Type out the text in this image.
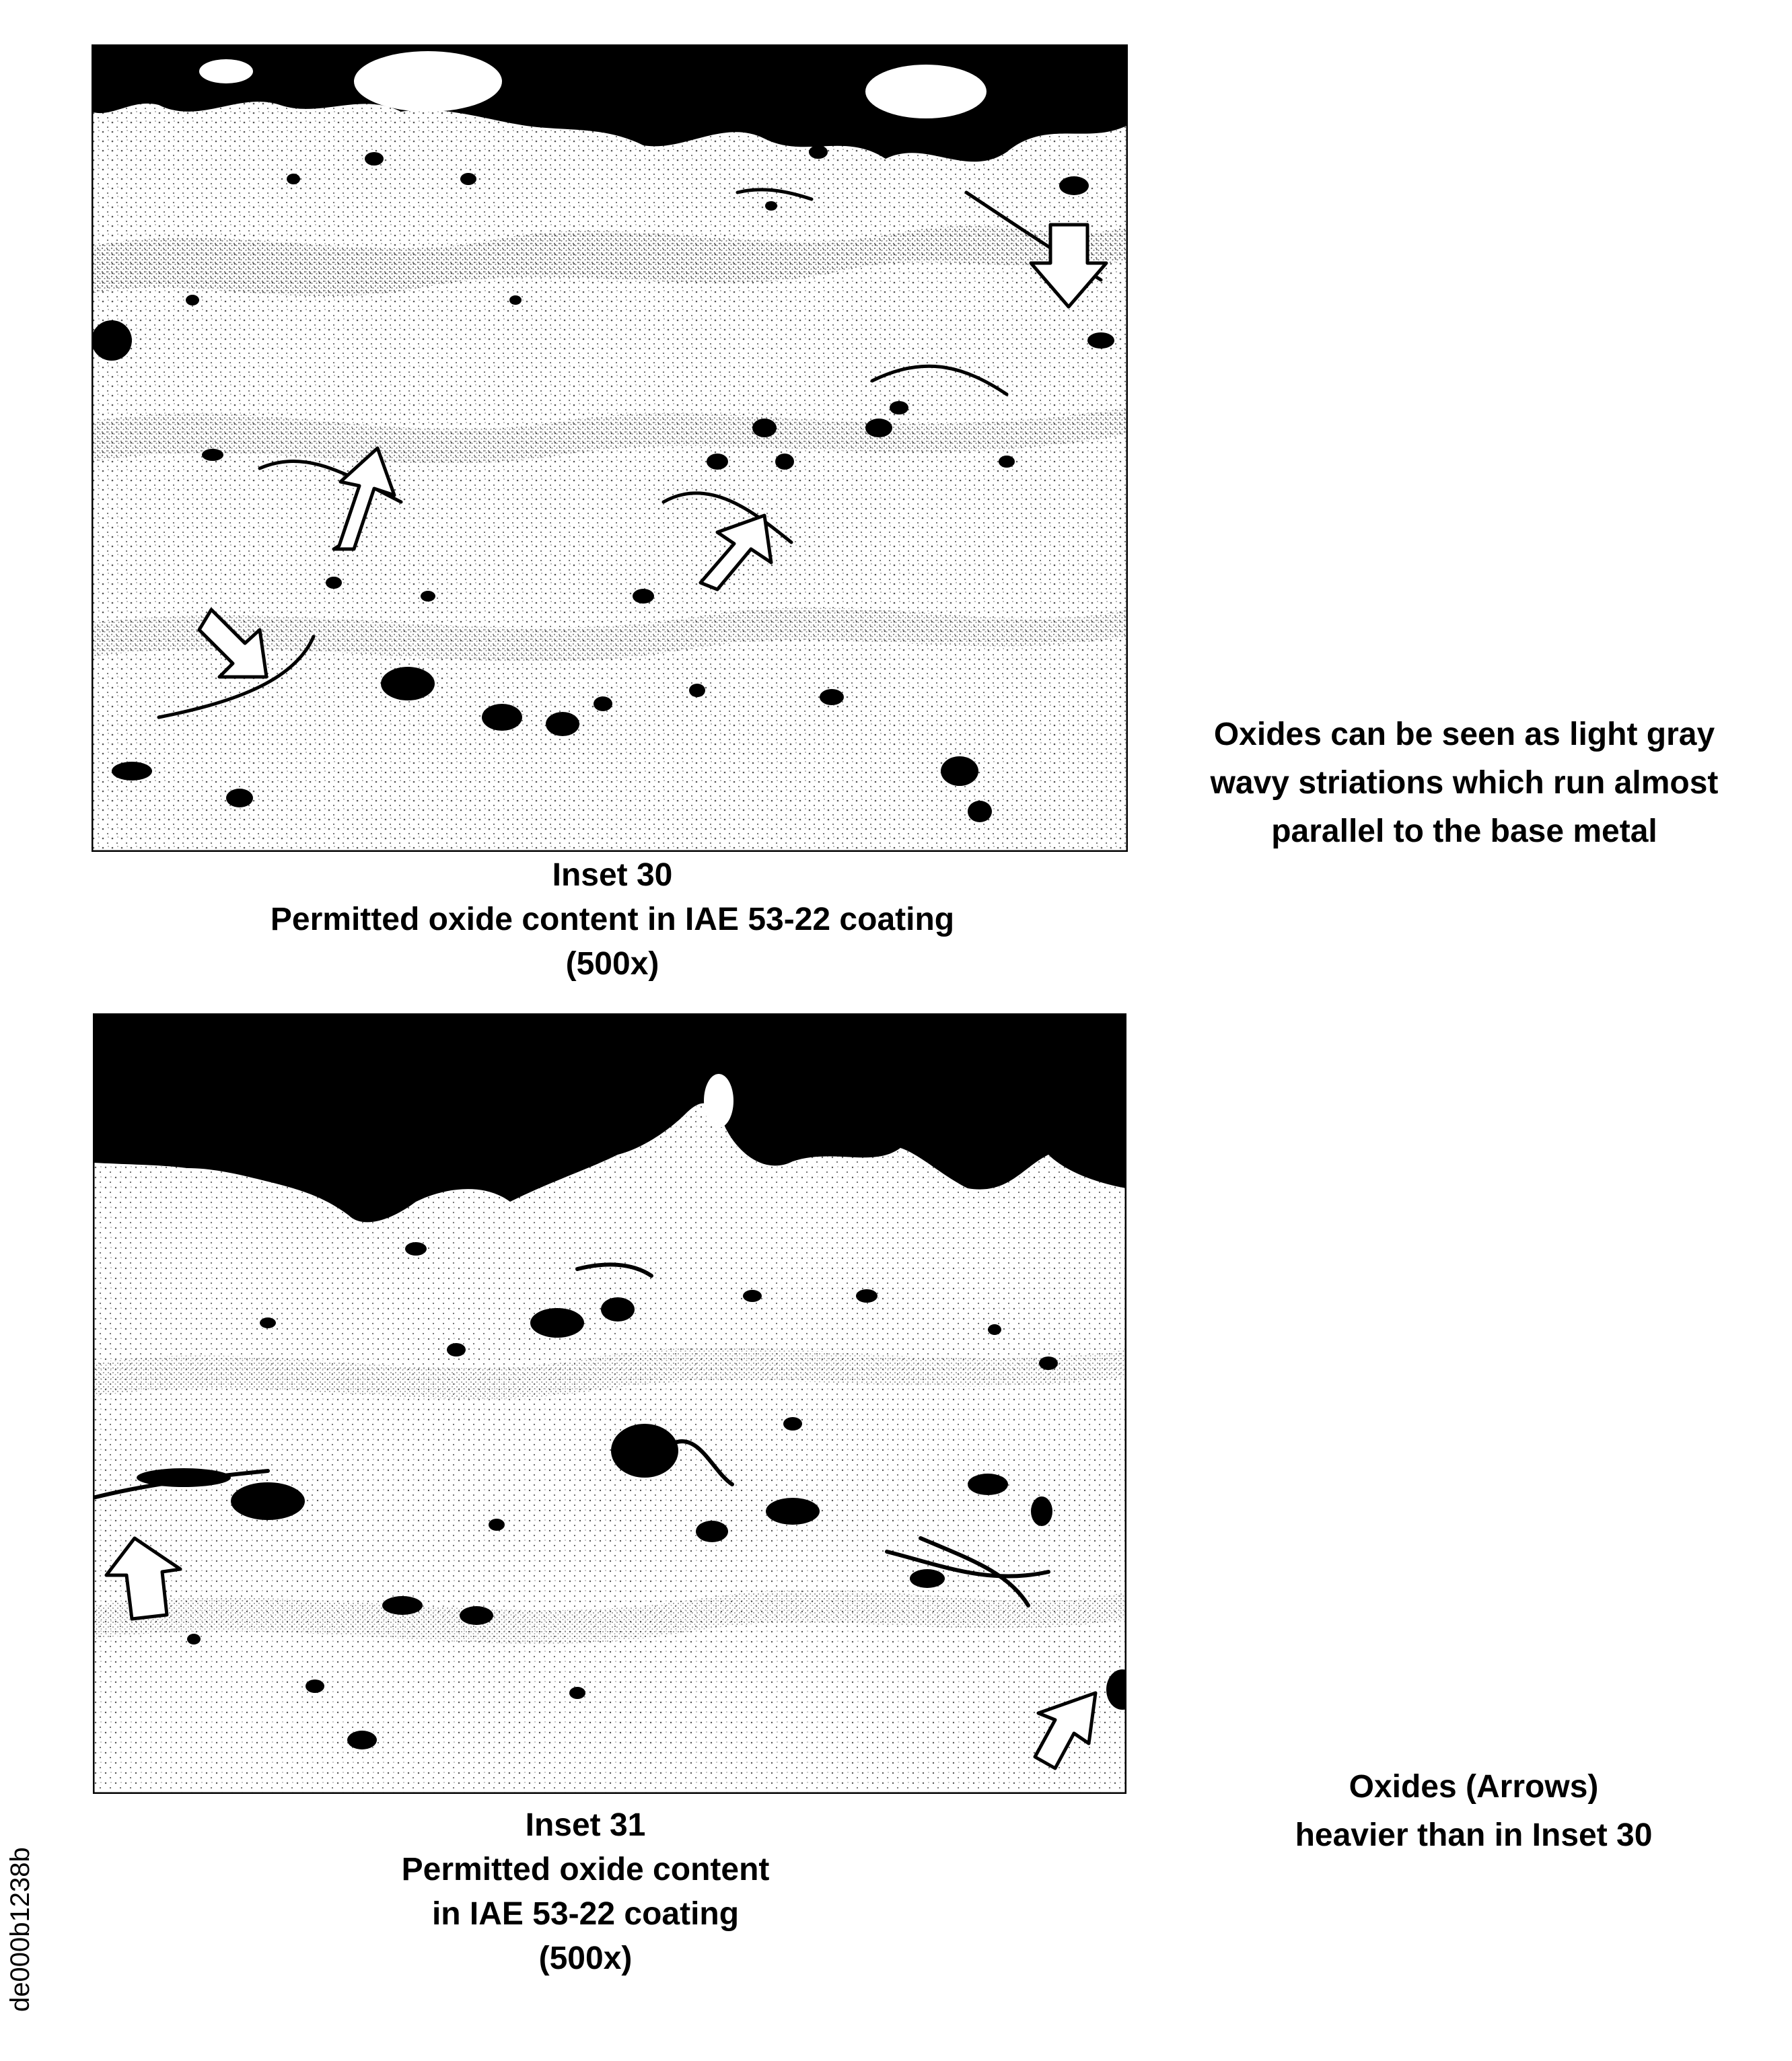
Inset 30
Permitted oxide content in IAE 53-22 coating
(500x)
Oxides can be seen as light gray
wavy striations which run almost
parallel to the base metal
Inset 31
Permitted oxide content
in IAE 53-22 coating
(500x)
Oxides (Arrows)
heavier than in Inset 30
de000b1238b
